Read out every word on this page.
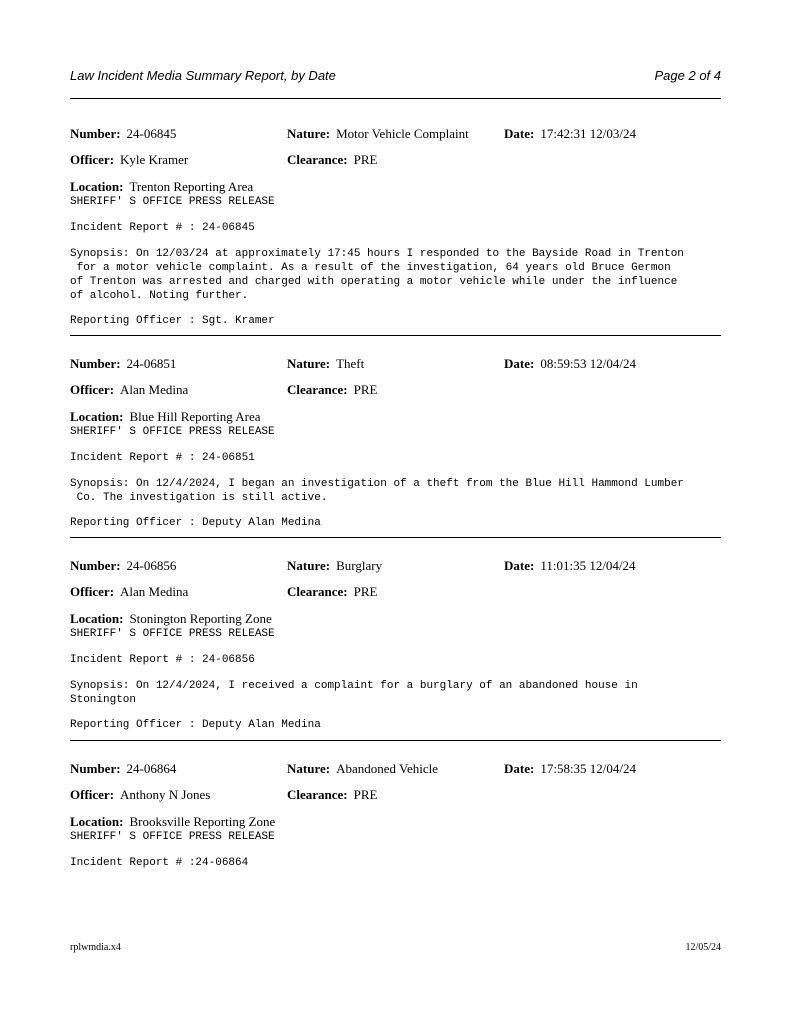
Law Incident Media Summary Report, by Date	Page 2 of 4
Number: 24-06845	Nature: Motor Vehicle Complaint	Date: 17:42:31 12/03/24
Officer: Kyle Kramer	Clearance: PRE
Location: Trenton Reporting Area
SHERIFF' S OFFICE PRESS RELEASE
Incident Report # : 24-06845
Synopsis: On 12/03/24 at approximately 17:45 hours I responded to the Bayside Road in Trenton
for a motor vehicle complaint. As a result of the investigation, 64 years old Bruce Germon
of Trenton was arrested and charged with operating a motor vehicle while under the influence
of alcohol. Noting further.
Reporting Officer : Sgt. Kramer
Number: 24-06851	Nature: Theft	Date: 08:59:53 12/04/24
Officer: Alan Medina	Clearance: PRE
Location: Blue Hill Reporting Area
SHERIFF' S OFFICE PRESS RELEASE
Incident Report # : 24-06851
Synopsis: On 12/4/2024, I began an investigation of a theft from the Blue Hill Hammond Lumber
Co. The investigation is still active.
Reporting Officer : Deputy Alan Medina
Number: 24-06856	Nature: Burglary	Date: 11:01:35 12/04/24
Officer: Alan Medina	Clearance: PRE
Location: Stonington Reporting Zone
SHERIFF' S OFFICE PRESS RELEASE
Incident Report # : 24-06856
Synopsis: On 12/4/2024, I received a complaint for a burglary of an abandoned house in
Stonington
Reporting Officer : Deputy Alan Medina
Number: 24-06864	Nature: Abandoned Vehicle	Date: 17:58:35 12/04/24
Officer: Anthony N Jones	Clearance: PRE
Location: Brooksville Reporting Zone
SHERIFF' S OFFICE PRESS RELEASE
Incident Report # :24-06864
rplwmdia.x4	12/05/24
